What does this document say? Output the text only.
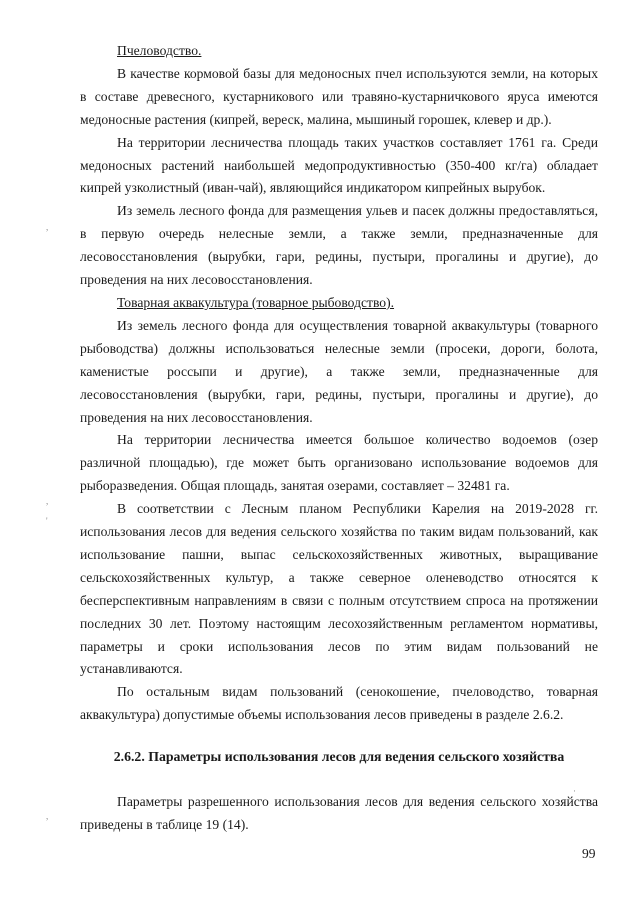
Пчеловодство.

В качестве кормовой базы для медоносных пчел используются земли, на которых в составе древесного, кустарникового или травяно-кустарничкового яруса имеются медоносные растения (кипрей, вереск, малина, мышиный горошек, клевер и др.).

На территории лесничества площадь таких участков составляет 1761 га. Среди медоносных растений наибольшей медопродуктивностью (350-400 кг/га) обладает кипрей узколистный (иван-чай), являющийся индикатором кипрейных вырубок.

Из земель лесного фонда для размещения ульев и пасек должны предоставляться, в первую очередь нелесные земли, а также земли, предназначенные для лесовосстановления (вырубки, гари, редины, пустыри, прогалины и другие), до проведения на них лесовосстановления.

Товарная аквакультура (товарное рыбоводство).

Из земель лесного фонда для осуществления товарной аквакультуры (товарного рыбоводства) должны использоваться нелесные земли (просеки, дороги, болота, каменистые россыпи и другие), а также земли, предназначенные для лесовосстановления (вырубки, гари, редины, пустыри, прогалины и другие), до проведения на них лесовосстановления.

На территории лесничества имеется большое количество водоемов (озер различной площадью), где может быть организовано использование водоемов для рыборазведения. Общая площадь, занятая озерами, составляет – 32481 га.

В соответствии с Лесным планом Республики Карелия на 2019-2028 гг. использования лесов для ведения сельского хозяйства по таким видам пользований, как использование пашни, выпас сельскохозяйственных животных, выращивание сельскохозяйственных культур, а также северное оленеводство относятся к бесперспективным направлениям в связи с полным отсутствием спроса на протяжении последних 30 лет. Поэтому настоящим лесохозяйственным регламентом нормативы, параметры и сроки использования лесов по этим видам пользований не устанавливаются.

По остальным видам пользований (сенокошение, пчеловодство, товарная аквакультура) допустимые объемы использования лесов приведены в разделе 2.6.2.

2.6.2. Параметры использования лесов для ведения сельского хозяйства

Параметры разрешенного использования лесов для ведения сельского хозяйства приведены в таблице 19 (14).

,
,
'
,
·
99
